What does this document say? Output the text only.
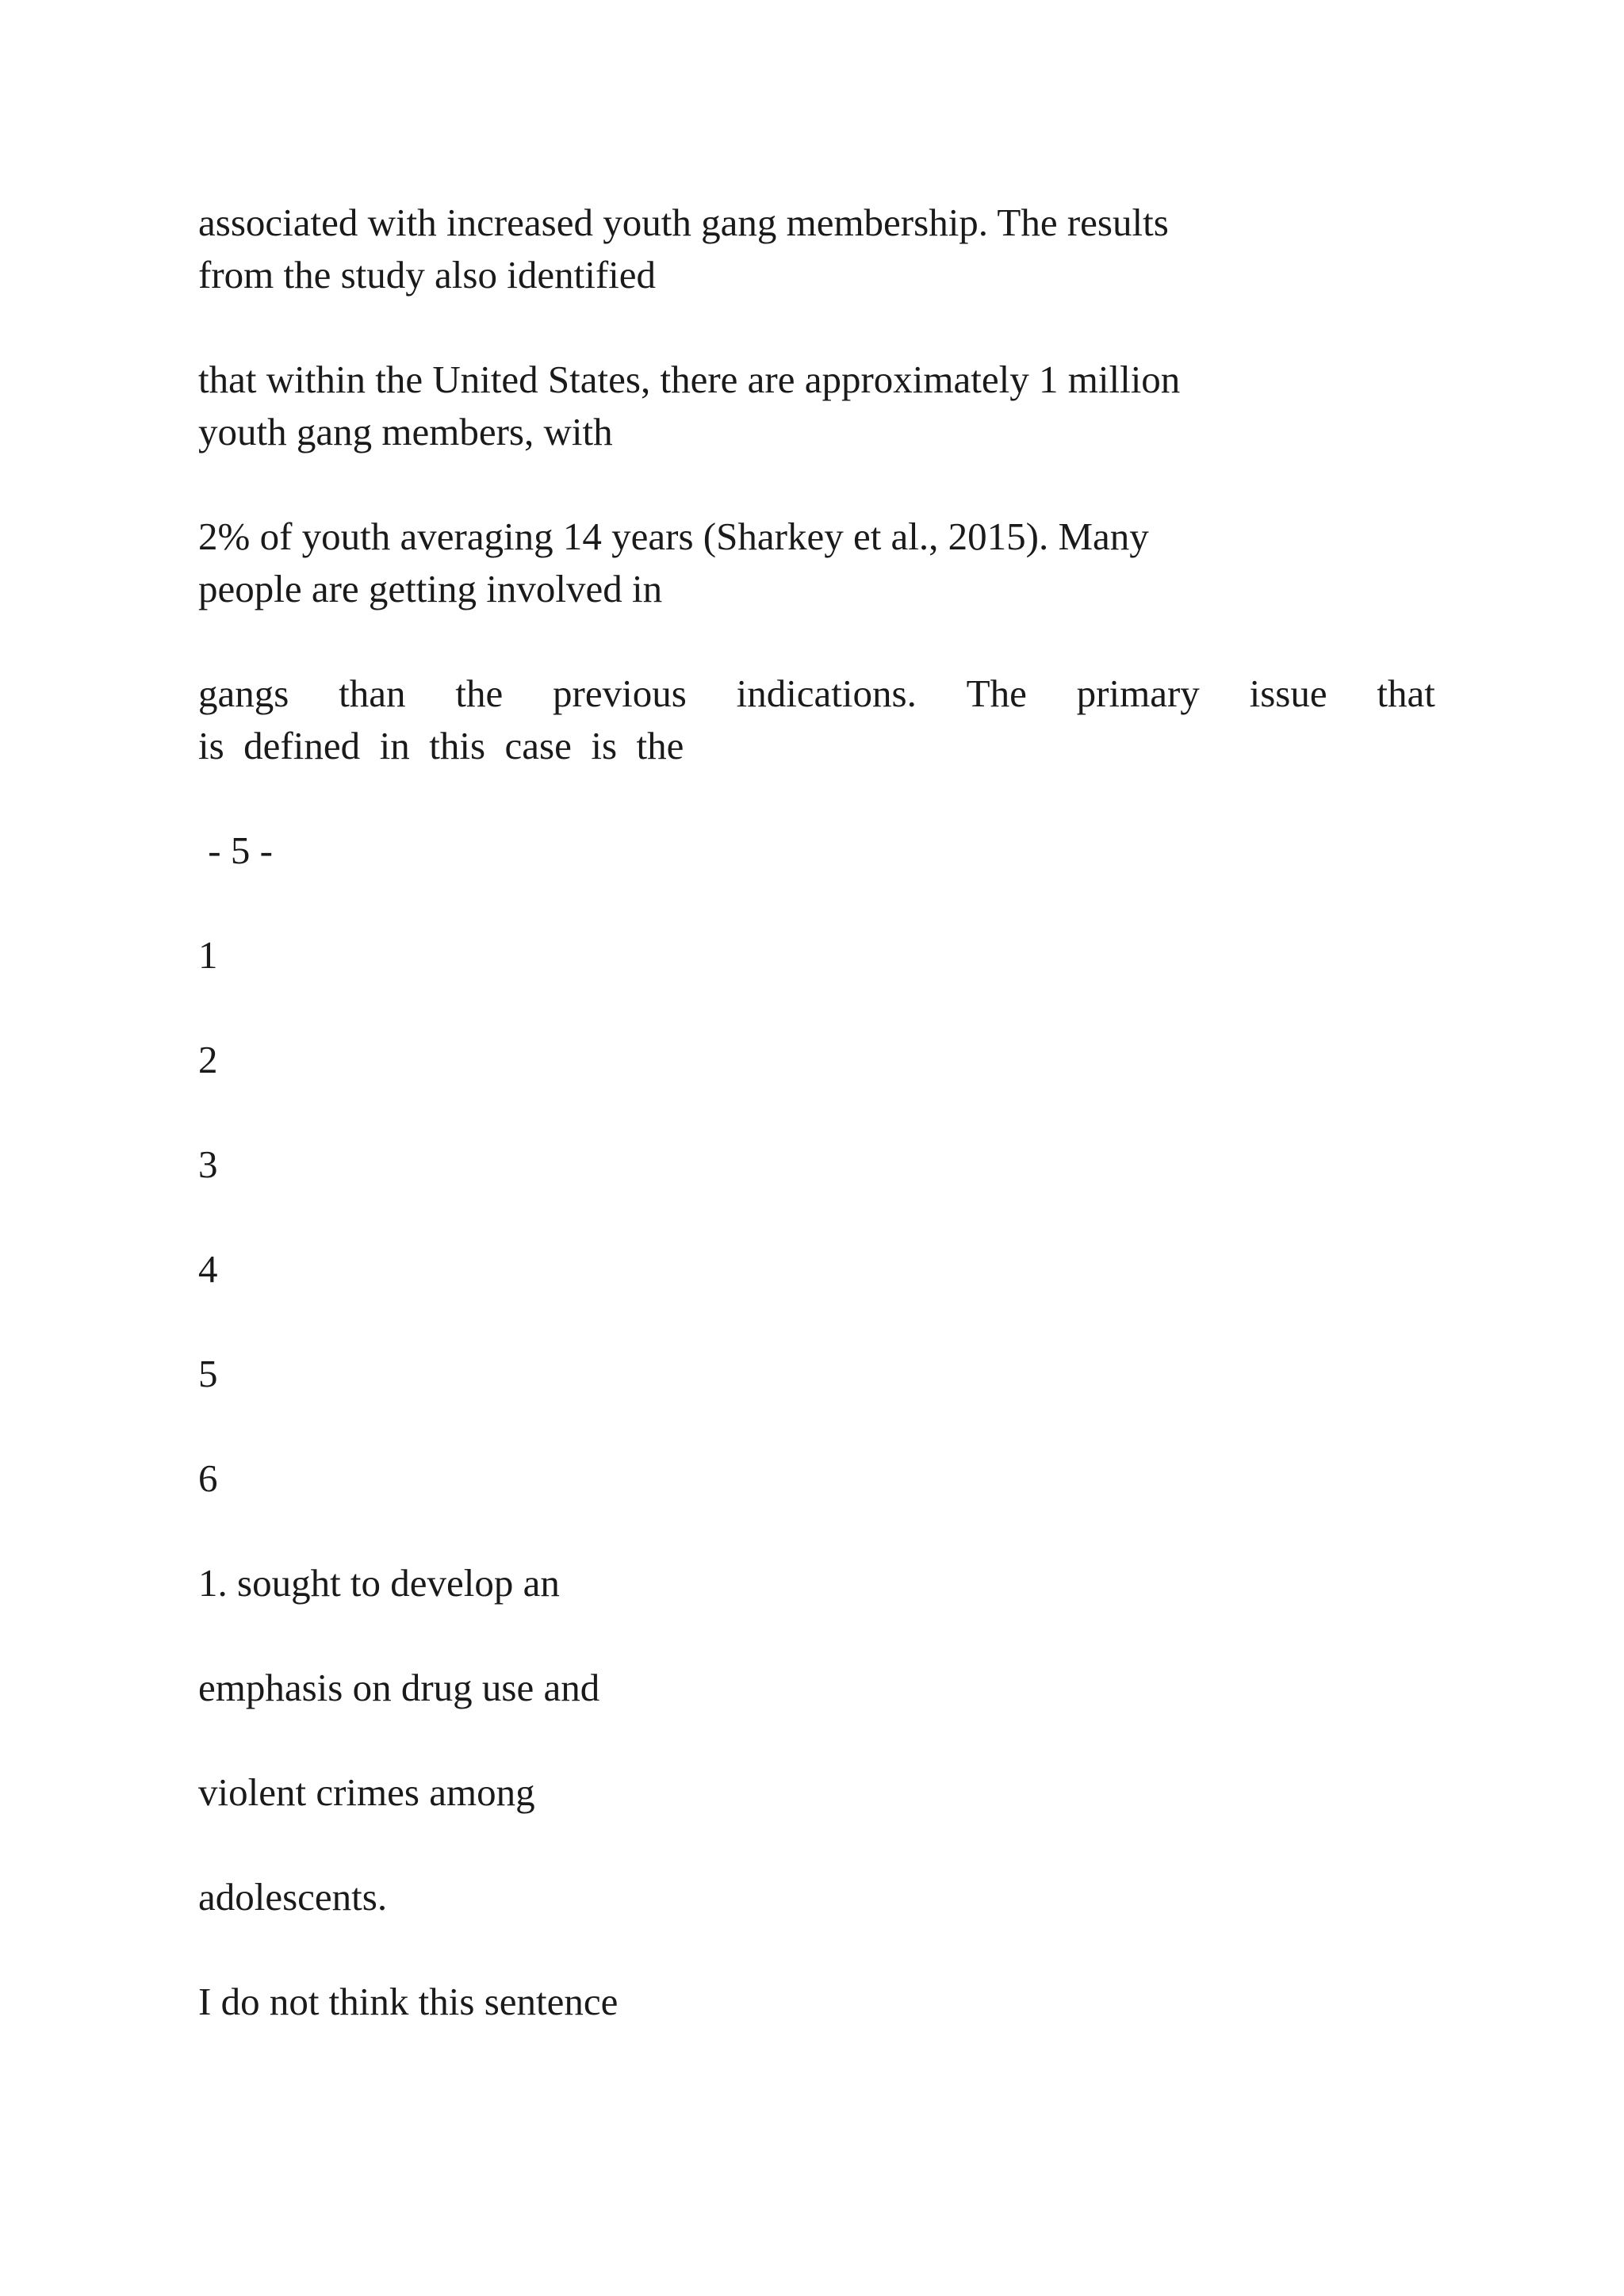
associated with increased youth gang membership. The results
from the study also identified
that within the United States, there are approximately 1 million
youth gang members, with
2% of youth averaging 14 years (Sharkey et al., 2015). Many
people are getting involved in
gangs than the previous indications. The primary issue that
is  defined  in  this  case  is  the
- 5 -
1
2
3
4
5
6
1. sought to develop an
emphasis on drug use and
violent crimes among
adolescents.
I do not think this sentence
